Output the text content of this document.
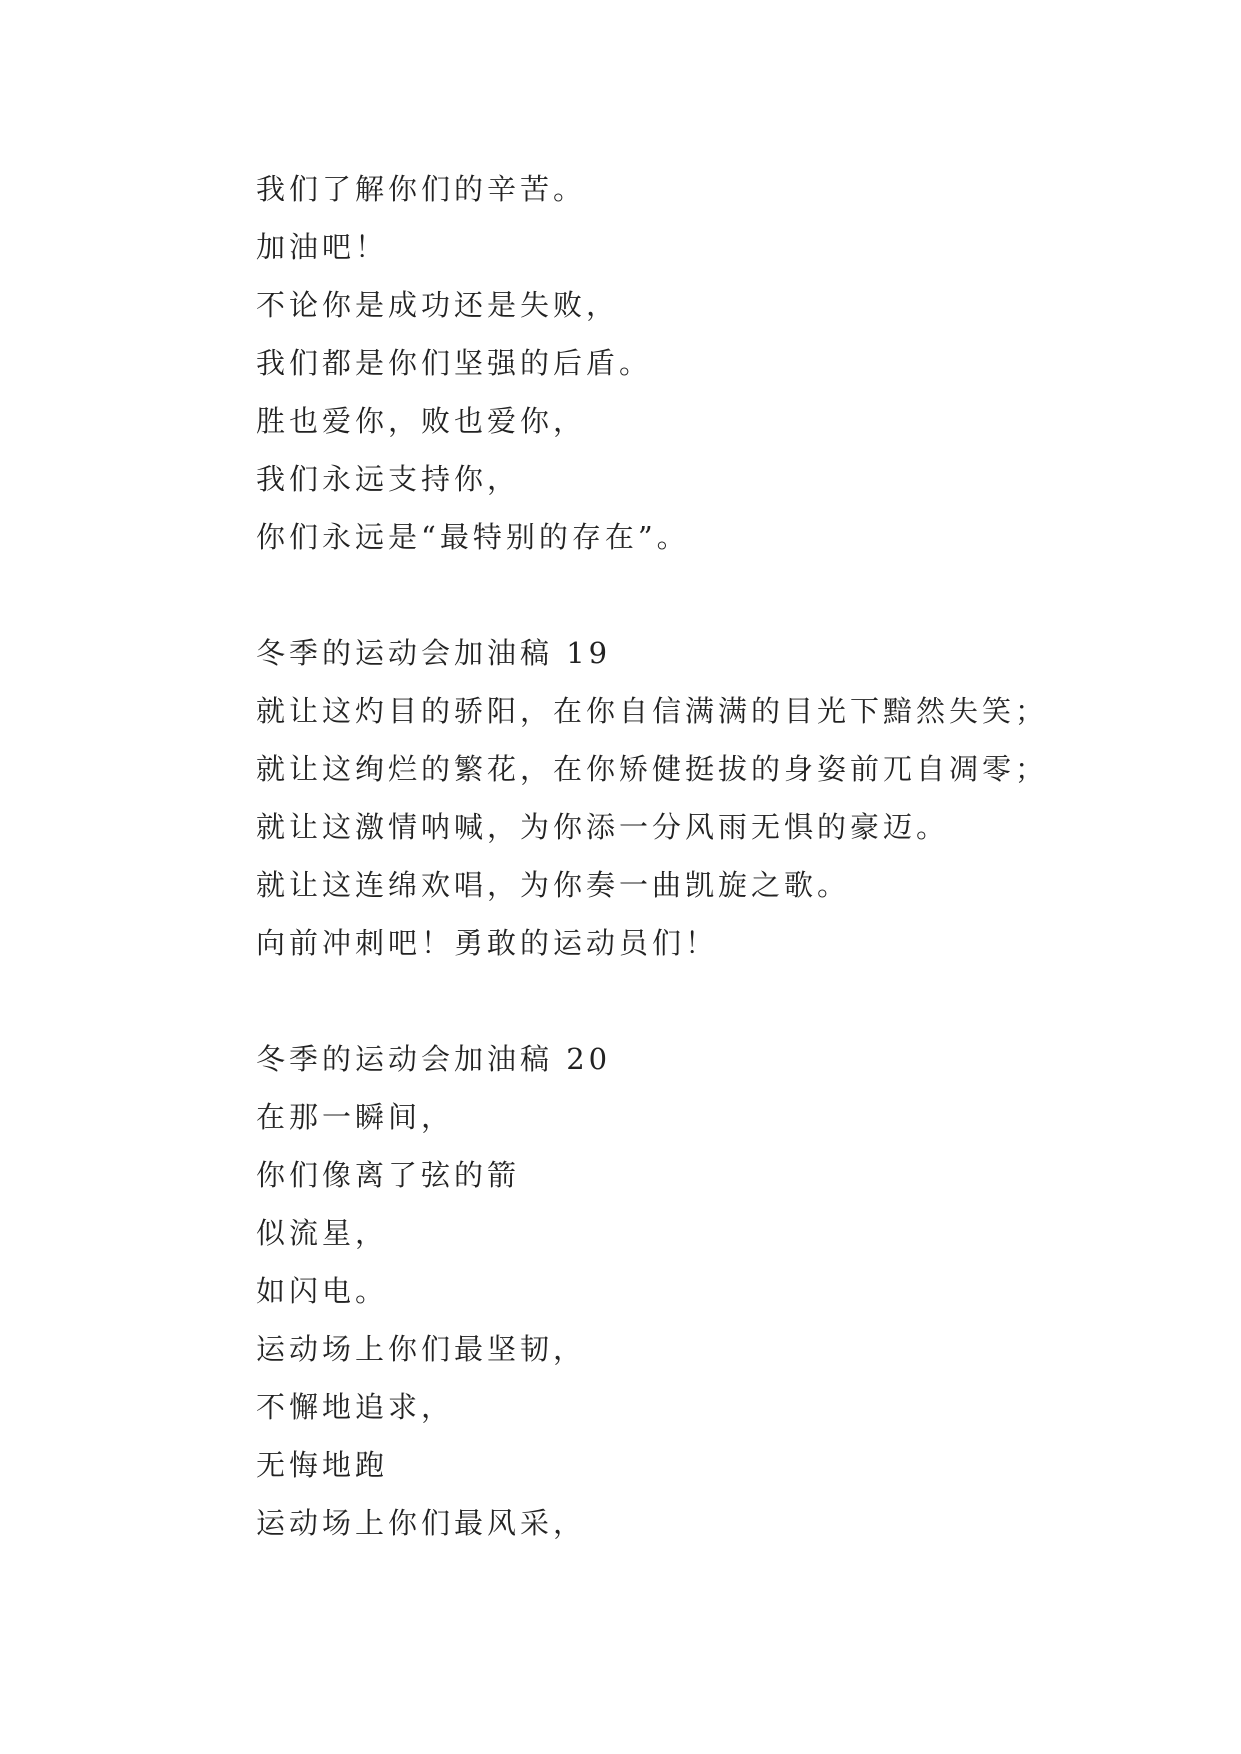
我们了解你们的辛苦。
加油吧！
不论你是成功还是失败，
我们都是你们坚强的后盾。
胜也爱你，败也爱你，
我们永远支持你，
你们永远是“最特别的存在”。
冬季的运动会加油稿 19
就让这灼目的骄阳，在你自信满满的目光下黯然失笑；
就让这绚烂的繁花，在你矫健挺拔的身姿前兀自凋零；
就让这激情呐喊，为你添一分风雨无惧的豪迈。
就让这连绵欢唱，为你奏一曲凯旋之歌。
向前冲刺吧！勇敢的运动员们！
冬季的运动会加油稿 20
在那一瞬间，
你们像离了弦的箭
似流星，
如闪电。
运动场上你们最坚韧，
不懈地追求，
无悔地跑
运动场上你们最风采，
